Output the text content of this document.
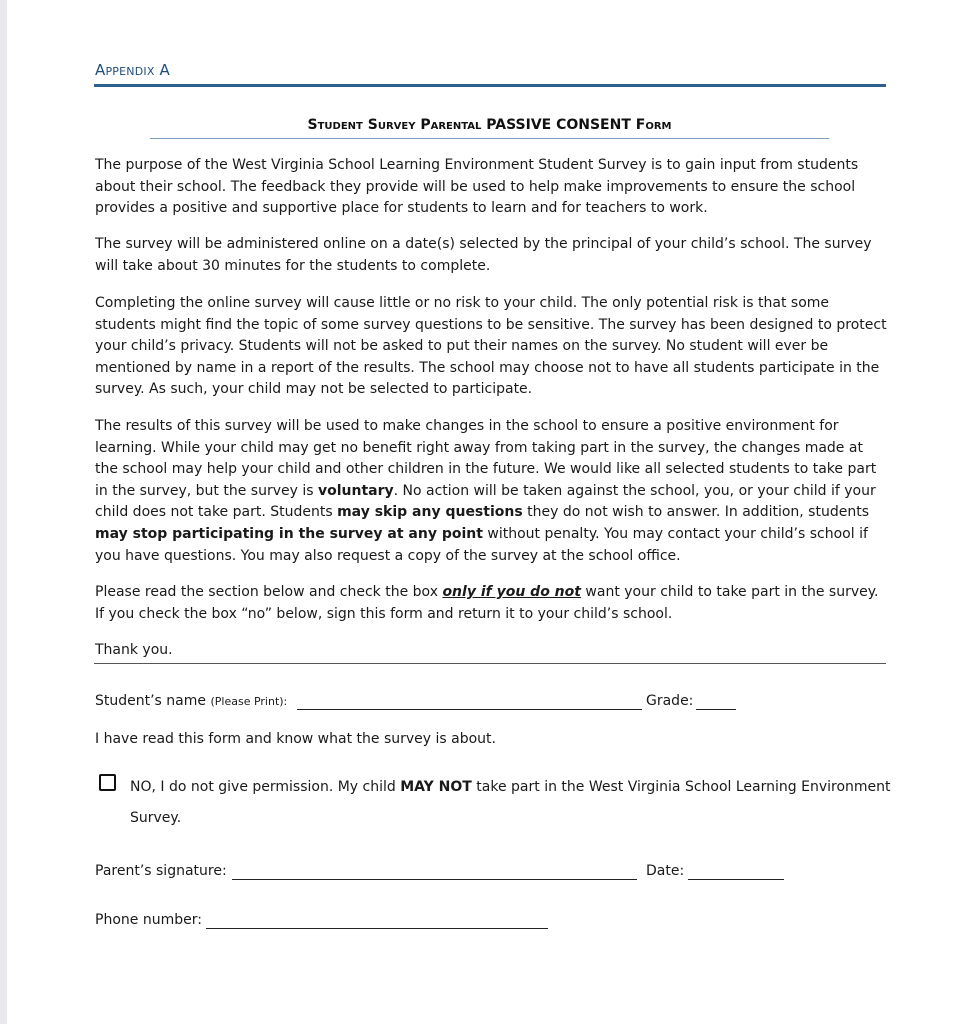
Appendix A
Student Survey Parental PASSIVE CONSENT Form

The purpose of the West Virginia School Learning Environment Student Survey is to gain input from students about their school. The feedback they provide will be used to help make improvements to ensure the school provides a positive and supportive place for students to learn and for teachers to work.

The survey will be administered online on a date(s) selected by the principal of your child’s school. The survey will take about 30 minutes for the students to complete.

Completing the online survey will cause little or no risk to your child. The only potential risk is that some students might find the topic of some survey questions to be sensitive. The survey has been designed to protect your child’s privacy. Students will not be asked to put their names on the survey. No student will ever be mentioned by name in a report of the results. The school may choose not to have all students participate in the survey. As such, your child may not be selected to participate.

The results of this survey will be used to make changes in the school to ensure a positive environment for learning. While your child may get no benefit right away from taking part in the survey, the changes made at the school may help your child and other children in the future. We would like all selected students to take part in the survey, but the survey is voluntary. No action will be taken against the school, you, or your child if your child does not take part. Students may skip any questions they do not wish to answer. In addition, students may stop participating in the survey at any point without penalty. You may contact your child’s school if you have questions. You may also request a copy of the survey at the school office.

Please read the section below and check the box only if you do not want your child to take part in the survey. If you check the box “no” below, sign this form and return it to your child’s school.

Thank you.
Student’s name (Please Print):	Grade:
I have read this form and know what the survey is about.
NO, I do not give permission. My child MAY NOT take part in the West Virginia School Learning Environment Survey.
Parent’s signature:	Date:
Phone number:
